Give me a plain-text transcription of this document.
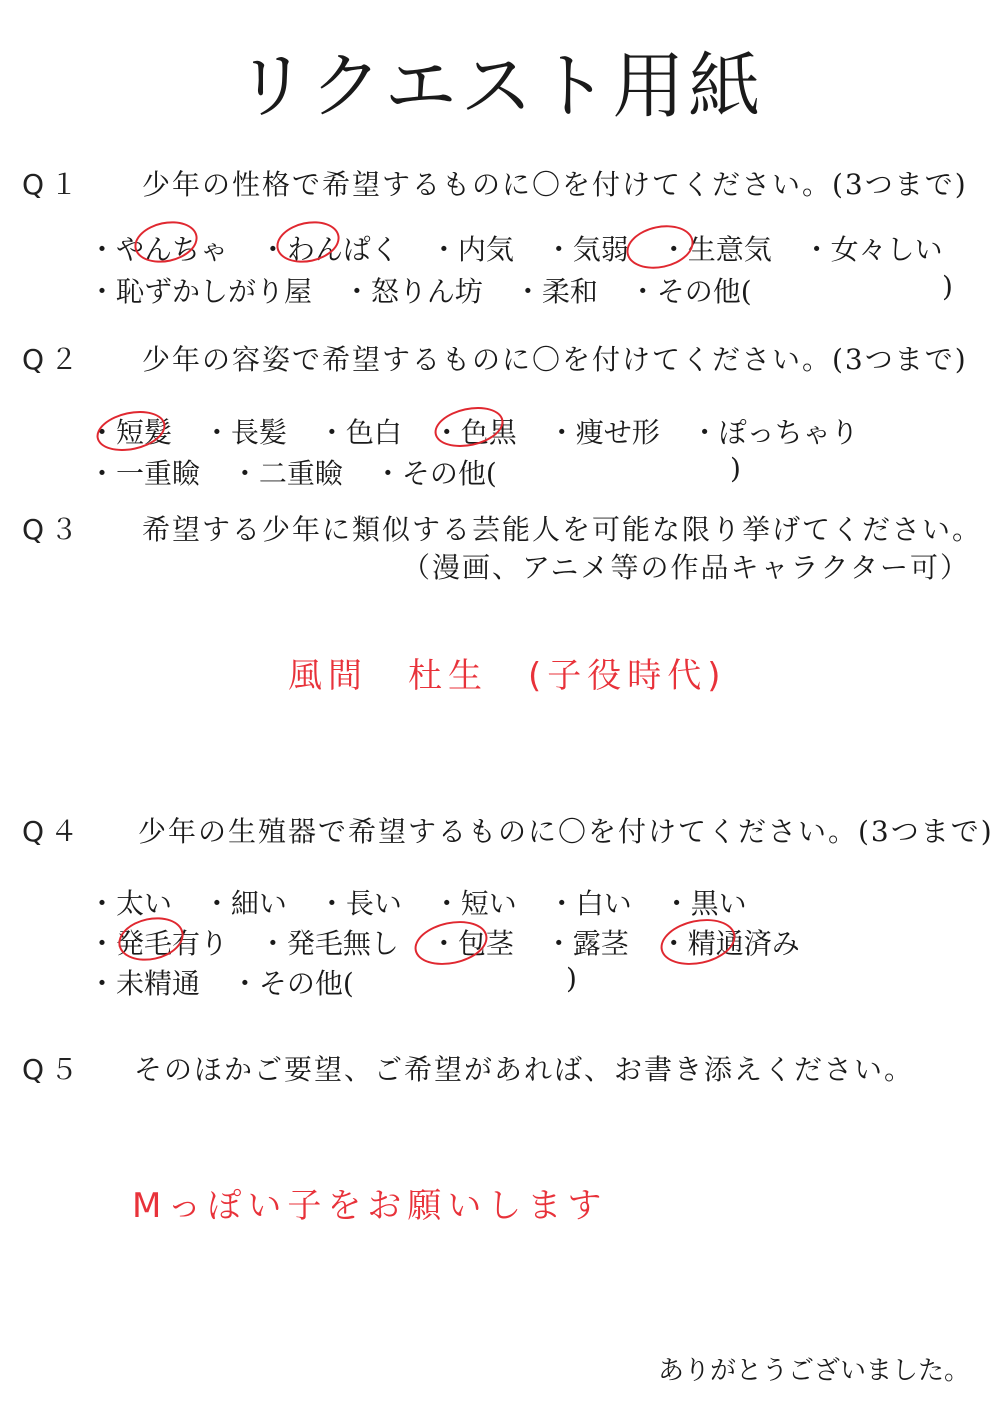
リクエスト用紙
Q１ 少年の性格で希望するものに〇を付けてください。(3つまで)
・やんちゃ ・わんぱく ・内気 ・気弱 ・生意気 ・女々しい
・恥ずかしがり屋 ・怒りん坊 ・柔和 ・その他(	)
Q２ 少年の容姿で希望するものに〇を付けてください。(3つまで)
・短髪 ・長髪 ・色白 ・色黒 ・痩せ形 ・ぽっちゃり
・一重瞼 ・二重瞼 ・その他(	)
Q３ 希望する少年に類似する芸能人を可能な限り挙げてください。
（漫画、アニメ等の作品キャラクター可）
風間　杜生　(子役時代)
Q４ 少年の生殖器で希望するものに〇を付けてください。(3つまで)
・太い ・細い ・長い ・短い ・白い ・黒い
・発毛有り ・発毛無し ・包茎 ・露茎 ・精通済み
・未精通 ・その他(	)
Q５ そのほかご要望、ご希望があれば、お書き添えください。
Mっぽい子をお願いします
ありがとうございました。
